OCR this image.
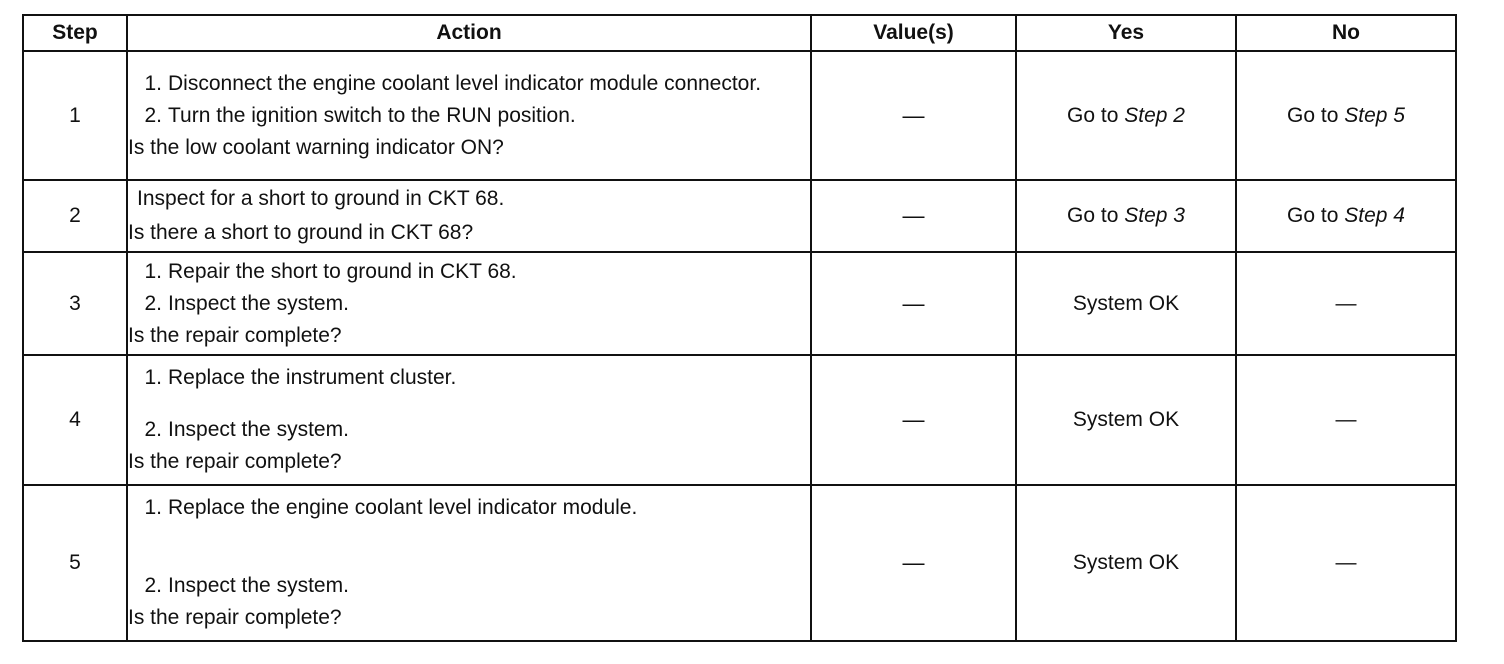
Step	Action	Value(s)	Yes	No
1	1. Disconnect the engine coolant level indicator module connector.
2. Turn the ignition switch to the RUN position.
Is the low coolant warning indicator ON?	—	Go to Step 2	Go to Step 5
2	Inspect for a short to ground in CKT 68.
Is there a short to ground in CKT 68?	—	Go to Step 3	Go to Step 4
3	1. Repair the short to ground in CKT 68.
2. Inspect the system.
Is the repair complete?	—	System OK	—
4	1. Replace the instrument cluster.
2. Inspect the system.
Is the repair complete?	—	System OK	—
5	1. Replace the engine coolant level indicator module.
2. Inspect the system.
Is the repair complete?	—	System OK	—
